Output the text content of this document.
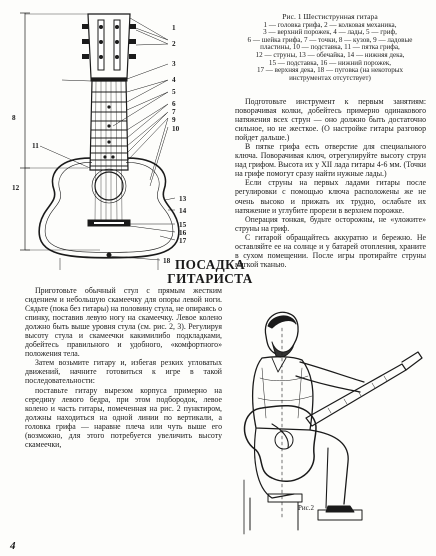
1
2
3
4
5
6
7
9
10
13
14
15
16
17
18
11
12
8
Рис. 1 Шестиструнная гитара
1 — головка грифа, 2 — колковая механика,
3 — верхний порожек, 4 — лады, 5 — гриф,
6 — шейка грифа, 7 — точки, 8 — кузов, 9 — ладовые
пластины, 10 — подставка, 11 — пятка грифа,
12 — струны, 13 — обечайка, 14 — нижняя дека,
15 — подставка, 16 — нижний порожек,
17 — верхняя дека, 18 — пуговка (на некоторых
инструментах отсутствует)

Подготовьте инструмент к первым занятиям: поворачивая колки, добейтесь примерно одинакового натяжения всех струн — оно должно быть достаточно сильное, но не жесткое. (О настройке гитары разговор пойдет дальше.)

В пятке грифа есть отверстие для специального ключа. Поворачивая ключ, отрегулируйте высоту струн над грифом. Высота их у XII лада гитары 4-6 мм. (Точки на грифе помогут сразу найти нужные лады.)

Если струны на первых ладами гитары после регулировки с помощью ключа расположены же не очень высоко и прижать их трудно, ослабьте их натяжение и углубите прорези в верхнем порожке.

Операция тонкая, будьте осторожны, не «уложите» струны на гриф.

С гитарой обращайтесь аккуратно и бережно. Не оставляйте ее на солнце и у батарей отопления, храните в сухом помещении. После игры протирайте струны мягкой тканью.

ПОСАДКА
ГИТАРИСТА

Приготовьте обычный стул с прямым жестким сидением и небольшую скамеечку для опоры левой ноги. Сядьте (пока без гитары) на половину стула, не опираясь о спинку, поставив левую ногу на скамеечку. Левое колено должно быть выше уровня стула (см. рис. 2, 3). Регулируя высоту стула и скамеечки какимилибо подкладками, добейтесь правильного и удобного, «комфортного» положения тела.

Затем возьмите гитару и, избегая резких угловатых движений, начните готовиться к игре в такой последовательности:

поставьте гитару вырезом корпуса примерно на середину левого бедра, при этом подбородок, левое колено и часть гитары, помеченная на рис. 2 пунктиром, должны находиться на одной линии по вертикали, а головка грифа — наравне плеча или чуть выше его (возможно, для этого потребуется увеличить высоту скамеечки,

Рис.2
4
